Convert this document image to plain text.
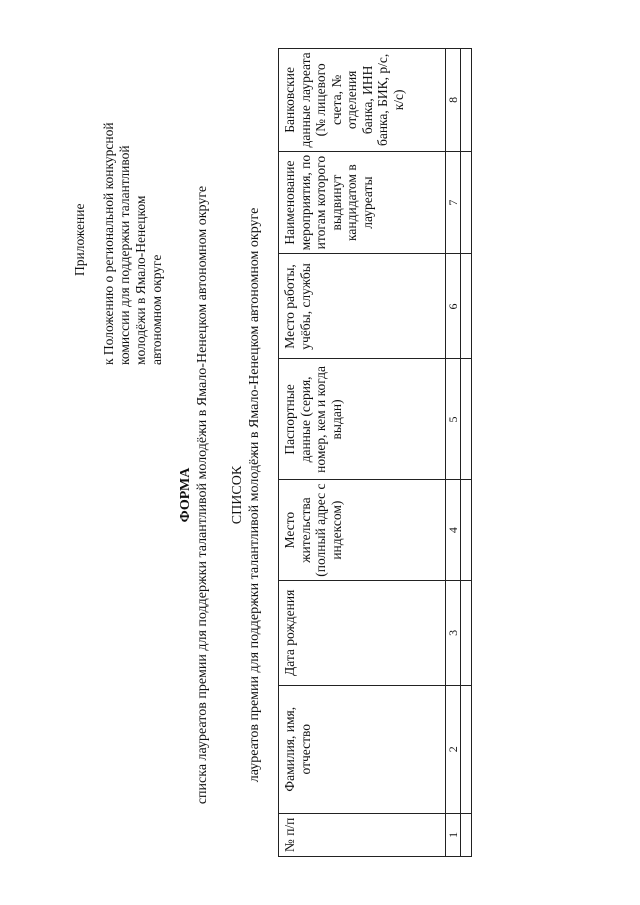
Приложение к Положению о региональной конкурсной комиссии для поддержки талантливой молодёжи в Ямало-Ненецком автономном округе
ФОРМА списка лауреатов премии для поддержки талантливой молодёжи в Ямало-Ненецком автономном округе СПИСОК лауреатов премии для поддержки талантливой молодёжи в Ямало-Ненецком автономном округе
№ п/п	Фамилия, имя, отчество	Дата рождения	Место жительства (полный адрес с индексом)	Паспортные данные (серия, номер, кем и когда выдан)	Место работы, учёбы, службы	Наименование мероприятия, по итогам которого выдвинут кандидатом в лауреаты	Банковские данные лауреата (№ лицевого счета, № отделения банка, ИНН банка, БИК, р/с, к/с)
1	2	3	4	5	6	7	8
